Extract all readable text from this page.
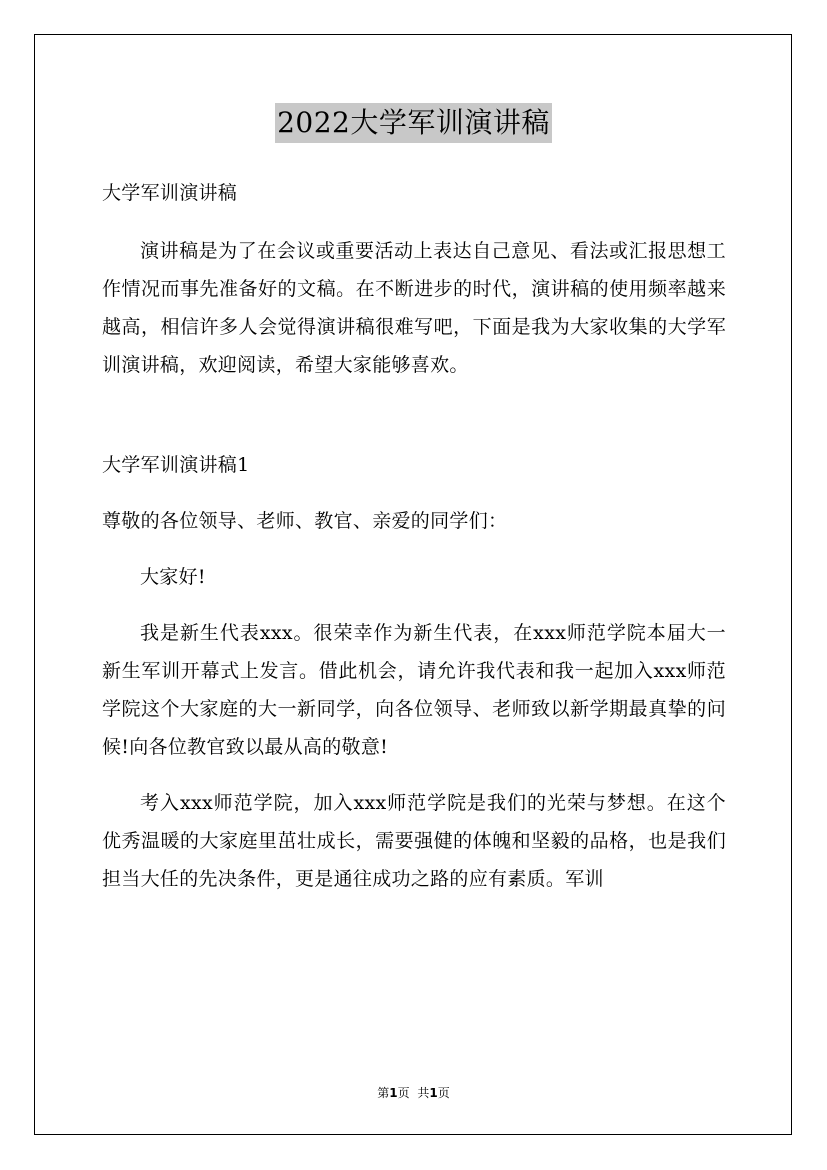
2022大学军训演讲稿

大学军训演讲稿

演讲稿是为了在会议或重要活动上表达自己意见、看法或汇报思想工作情况而事先准备好的文稿。在不断进步的时代，演讲稿的使用频率越来越高，相信许多人会觉得演讲稿很难写吧，下面是我为大家收集的大学军训演讲稿，欢迎阅读，希望大家能够喜欢。

大学军训演讲稿1

尊敬的各位领导、老师、教官、亲爱的同学们：

大家好!

我是新生代表xxx。很荣幸作为新生代表，在xxx师范学院本届大一新生军训开幕式上发言。借此机会，请允许我代表和我一起加入xxx师范学院这个大家庭的大一新同学，向各位领导、老师致以新学期最真挚的问候!向各位教官致以最从高的敬意!

考入xxx师范学院，加入xxx师范学院是我们的光荣与梦想。在这个优秀温暖的大家庭里茁壮成长，需要强健的体魄和坚毅的品格，也是我们担当大任的先决条件，更是通往成功之路的应有素质。军训

第1页 共1页
